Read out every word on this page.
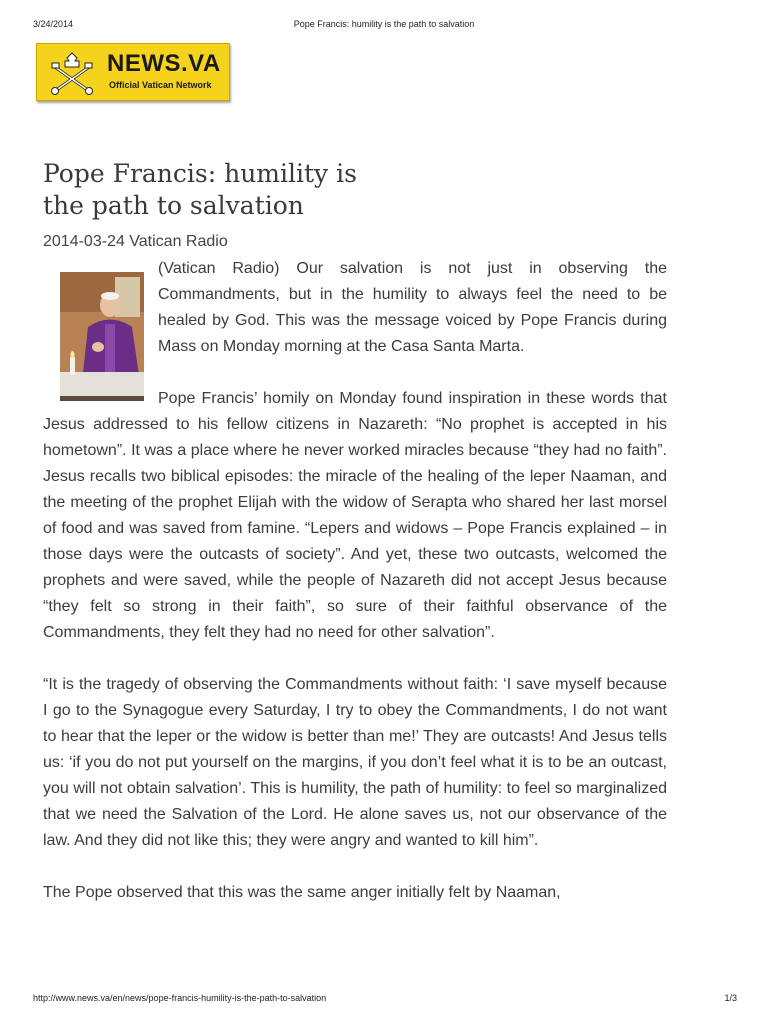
3/24/2014	Pope Francis: humility is the path to salvation
NEWS.VA
Official Vatican Network
Pope Francis: humility is
the path to salvation
2014-03-24 Vatican Radio

(Vatican Radio) Our salvation is not just in observing the Commandments, but in the humility to always feel the need to be healed by God. This was the message voiced by Pope Francis during Mass on Monday morning at the Casa Santa Marta.

Pope Francis’ homily on Monday found inspiration in these words that Jesus addressed to his fellow citizens in Nazareth: “No prophet is accepted in his hometown”. It was a place where he never worked miracles because “they had no faith”. Jesus recalls two biblical episodes: the miracle of the healing of the leper Naaman, and the meeting of the prophet Elijah with the widow of Serapta who shared her last morsel of food and was saved from famine. “Lepers and widows – Pope Francis explained – in those days were the outcasts of society”. And yet, these two outcasts, welcomed the prophets and were saved, while the people of Nazareth did not accept Jesus because “they felt so strong in their faith”, so sure of their faithful observance of the Commandments, they felt they had no need for other salvation”.

“It is the tragedy of observing the Commandments without faith: ‘I save myself because I go to the Synagogue every Saturday, I try to obey the Commandments, I do not want to hear that the leper or the widow is better than me!’ They are outcasts! And Jesus tells us: ‘if you do not put yourself on the margins, if you don’t feel what it is to be an outcast, you will not obtain salvation’. This is humility, the path of humility: to feel so marginalized that we need the Salvation of the Lord. He alone saves us, not our observance of the law. And they did not like this; they were angry and wanted to kill him”.

The Pope observed that this was the same anger initially felt by Naaman,

http://www.news.va/en/news/pope-francis-humility-is-the-path-to-salvation	1/3
